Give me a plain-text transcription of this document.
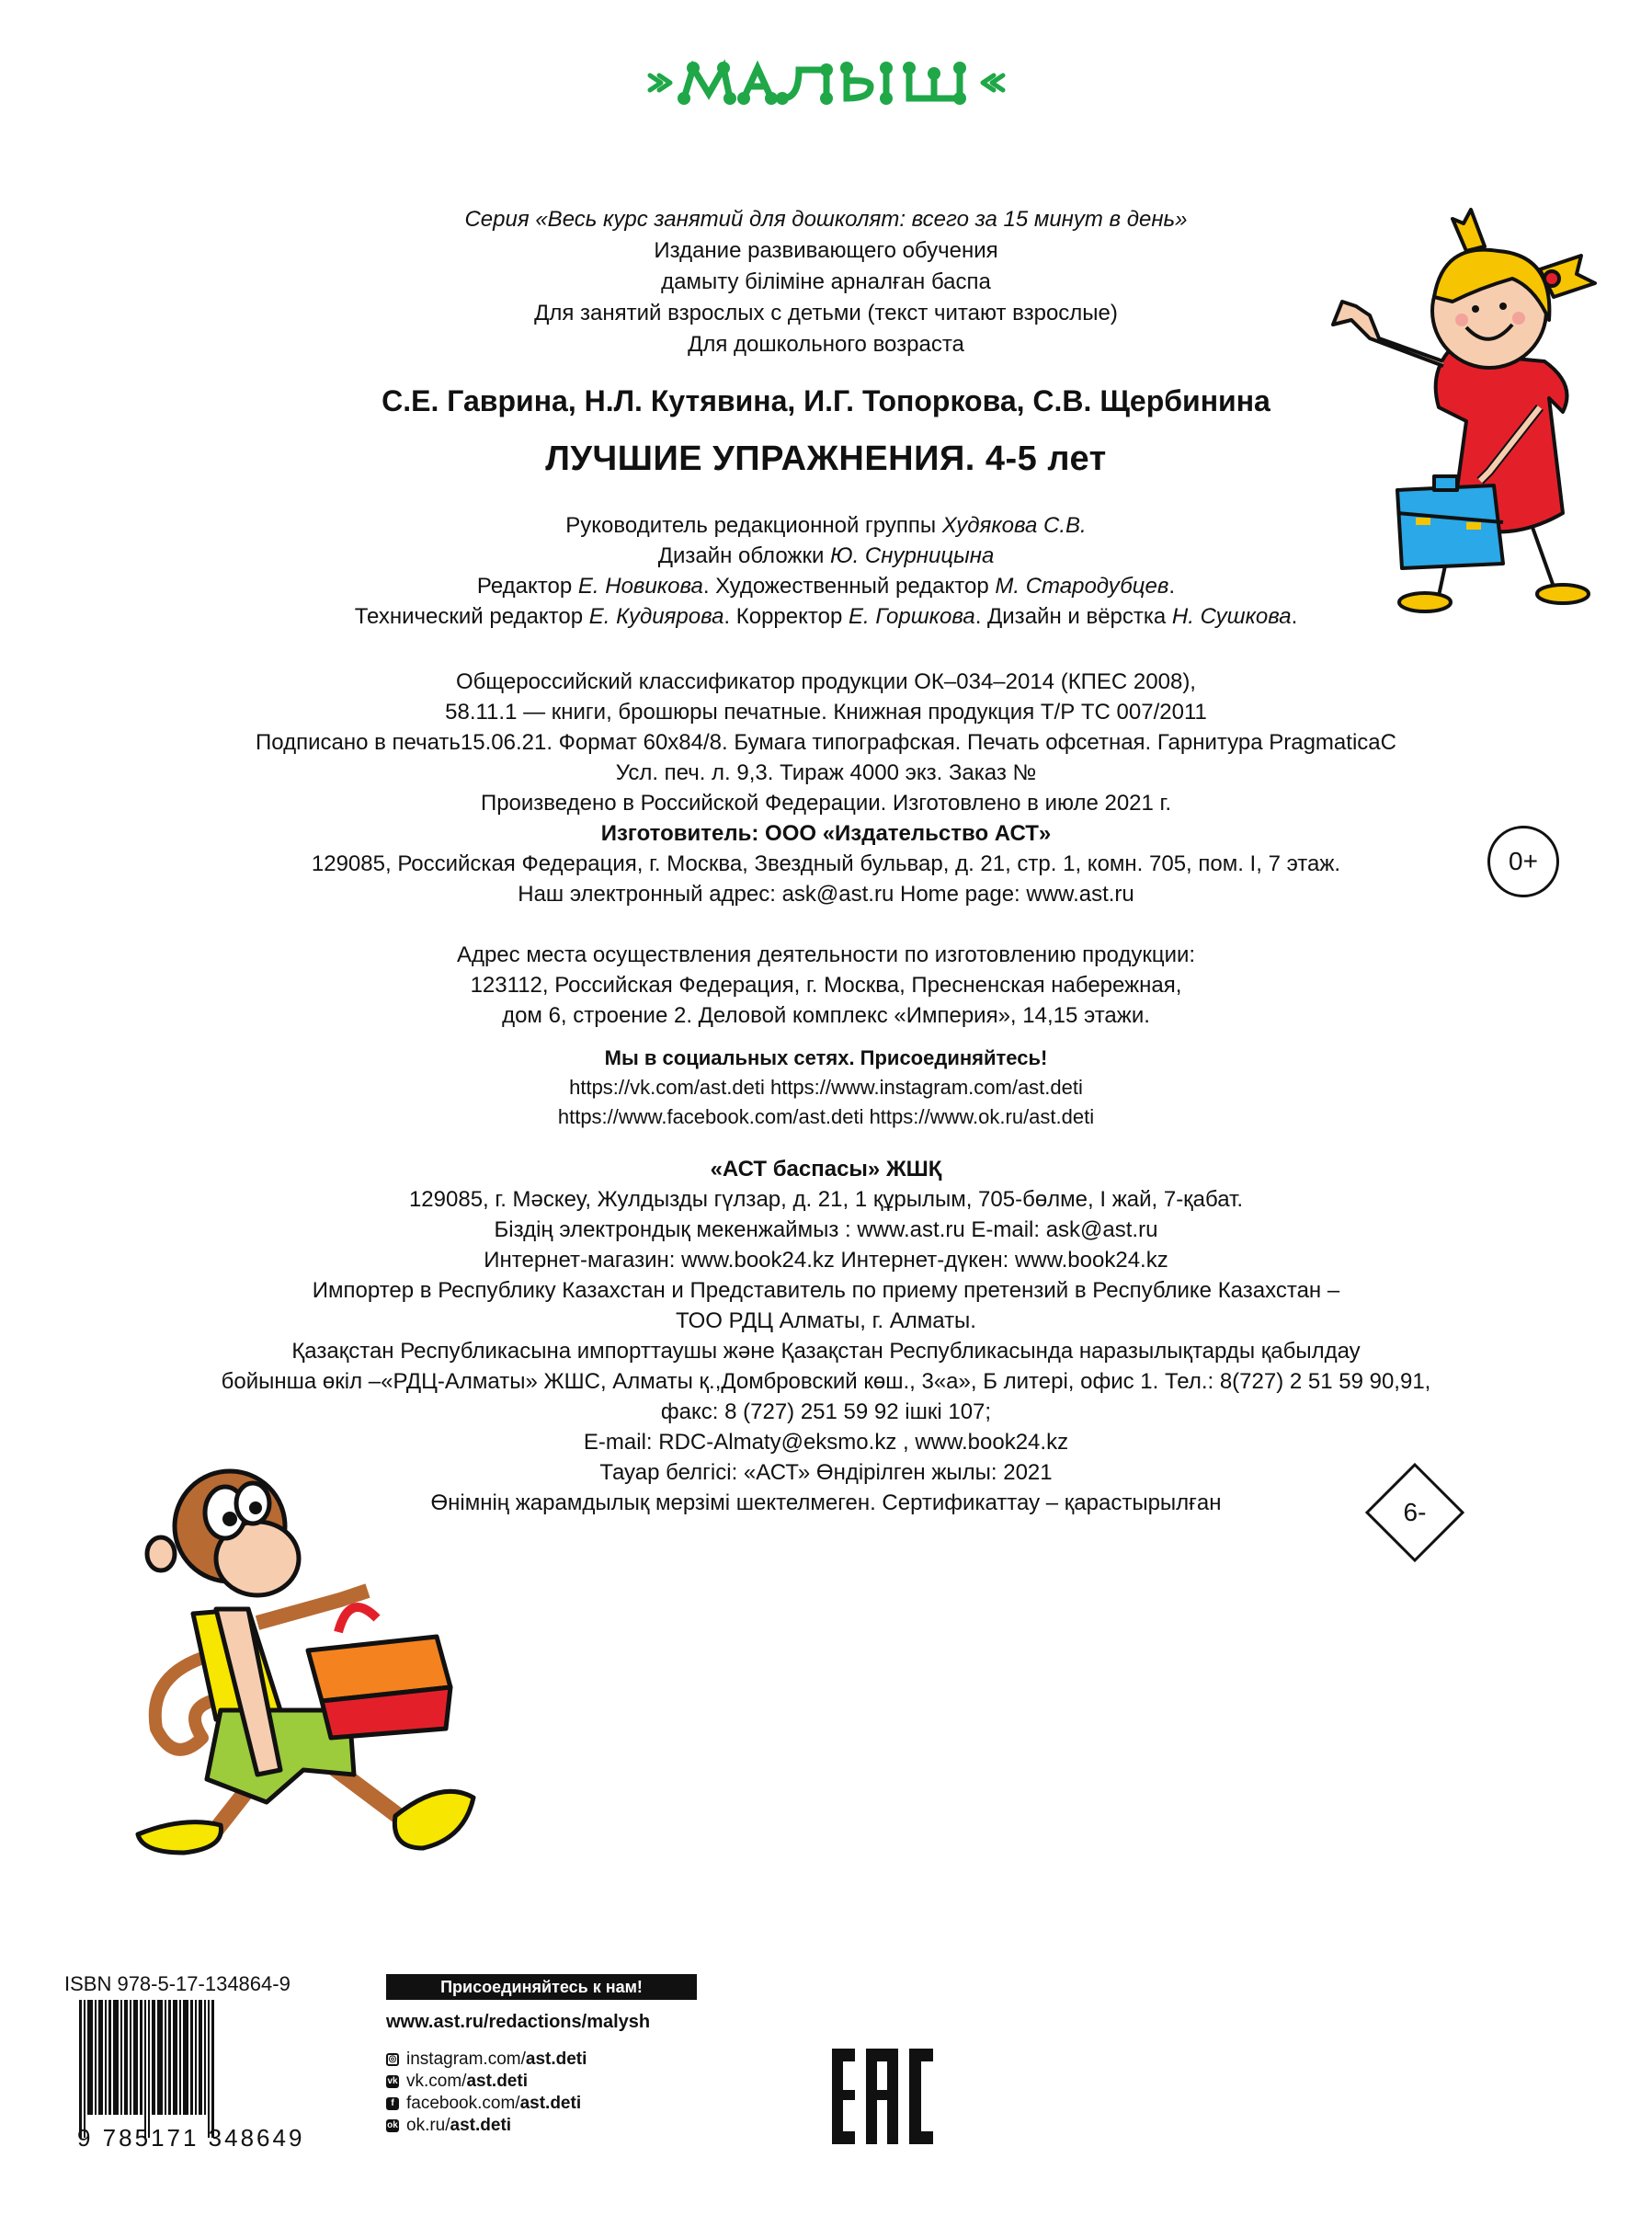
Серия «Весь курс занятий для дошколят: всего за 15 минут в день»
Издание развивающего обучения
дамыту біліміне арналған баспа
Для занятий взрослых с детьми (текст читают взрослые)
Для дошкольного возраста
С.Е. Гаврина, Н.Л. Кутявина, И.Г. Топоркова, С.В. Щербинина
ЛУЧШИЕ УПРАЖНЕНИЯ. 4-5 лет
Руководитель редакционной группы Худякова С.В.
Дизайн обложки Ю. Снурницына
Редактор Е. Новикова. Художественный редактор М. Стародубцев.
Технический редактор Е. Кудиярова. Корректор Е. Горшкова. Дизайн и вёрстка Н. Сушкова.
Общероссийский классификатор продукции ОК–034–2014 (КПЕС 2008),
58.11.1 — книги, брошюры печатные. Книжная продукция Т/Р ТС 007/2011
Подписано в печать15.06.21. Формат 60х84/8. Бумага типографская. Печать офсетная. Гарнитура PragmaticaC
Усл. печ. л. 9,3. Тираж 4000 экз. Заказ №
Произведено в Российской Федерации. Изготовлено в июле 2021 г.
Изготовитель: ООО «Издательство АСТ»
129085, Российская Федерация, г. Москва, Звездный бульвар, д. 21, стр. 1, комн. 705, пом. I, 7 этаж.
Наш электронный адрес: ask@ast.ru Home page: www.ast.ru
0+
Адрес места осуществления деятельности по изготовлению продукции:
123112, Российская Федерация, г. Москва, Пресненская набережная,
дом 6, строение 2. Деловой комплекс «Империя», 14,15 этажи.
Мы в социальных сетях. Присоединяйтесь!
https://vk.com/ast.deti https://www.instagram.com/ast.deti
https://www.facebook.com/ast.deti https://www.ok.ru/ast.deti
«АСТ баспасы» ЖШҚ
129085, г. Мәскеу, Жулдызды гүлзар, д. 21, 1 құрылым, 705-бөлме, I жай, 7-қабат.
Біздің электрондық мекенжаймыз : www.ast.ru E-mail: ask@ast.ru
Интернет-магазин: www.book24.kz Интернет-дүкен: www.book24.kz
Импортер в Республику Казахстан и Представитель по приему претензий в Республике Казахстан –
ТОО РДЦ Алматы, г. Алматы.
Қазақстан Республикасына импорттаушы және Қазақстан Республикасында наразылықтарды қабылдау
бойынша өкіл –«РДЦ-Алматы» ЖШС, Алматы қ.,Домбровский көш., 3«а», Б литері, офис 1. Тел.: 8(727) 2 51 59 90,91,
факс: 8 (727) 251 59 92 ішкі 107;
E-mail: RDC-Almaty@eksmo.kz , www.book24.kz
Тауар белгісі: «АСТ» Өндірілген жылы: 2021
Өнімнің жарамдылық мерзімі шектелмеген. Сертификаттау – қарастырылған	6-
ISBN 978-5-17-134864-9
9 785171 348649
Присоединяйтесь к нам!
www.ast.ru/redactions/malysh
◎ instagram.com/ast.deti
vk vk.com/ast.deti
f facebook.com/ast.deti
ok ok.ru/ast.deti
